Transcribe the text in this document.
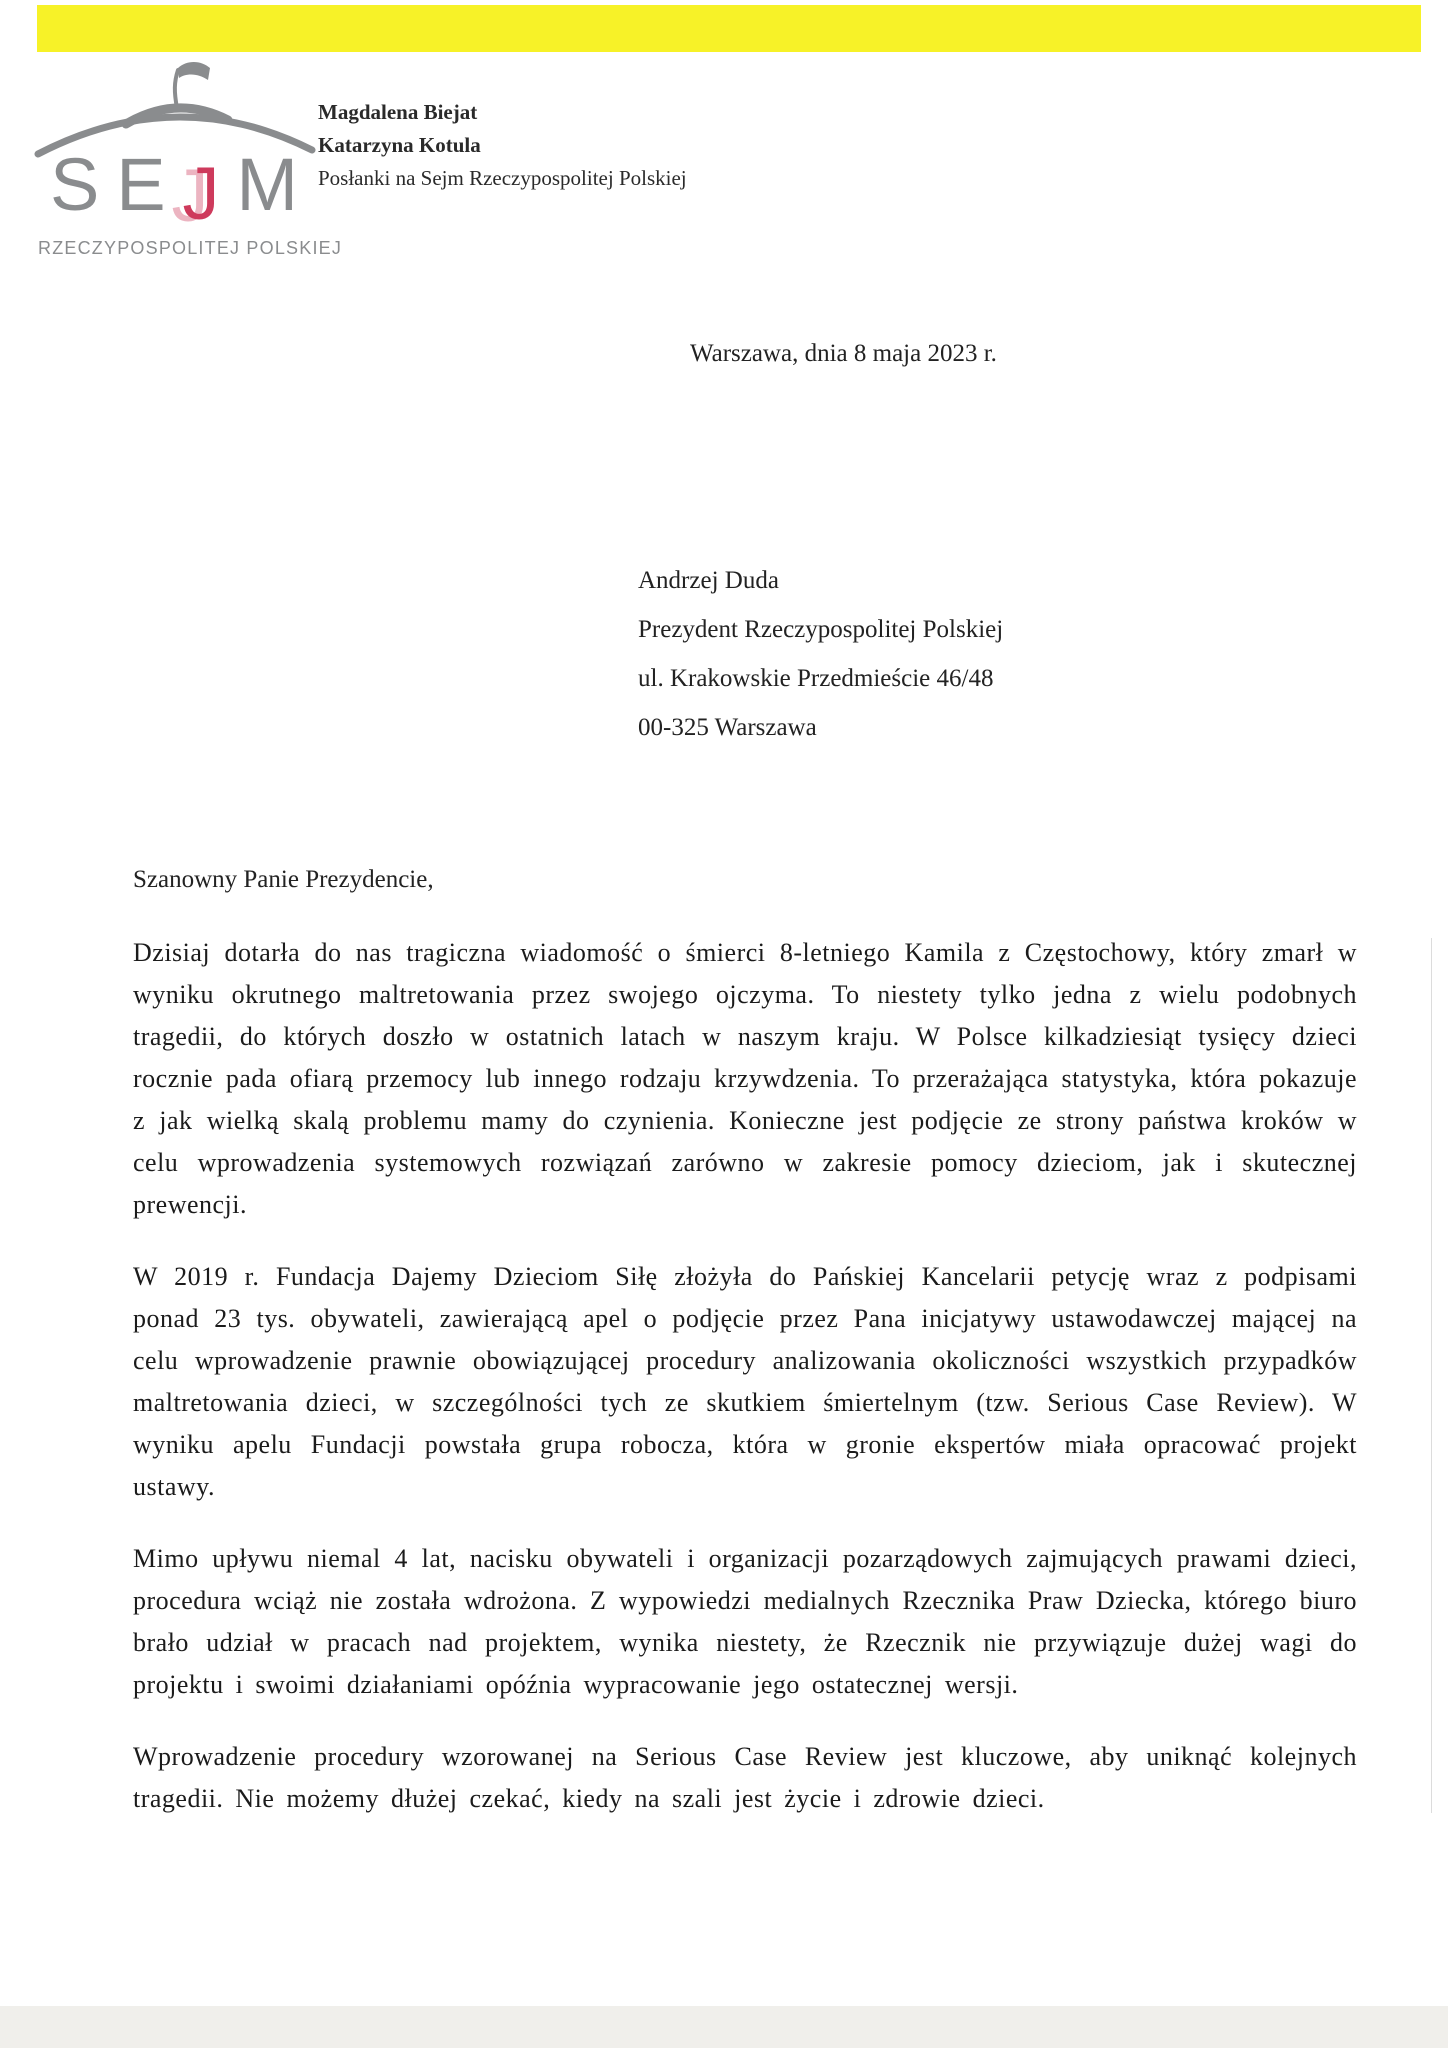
S E J M
RZECZYPOSPOLITEJ POLSKIEJ
Magdalena Biejat
Katarzyna Kotula
Posłanki na Sejm Rzeczypospolitej Polskiej
Warszawa, dnia 8 maja 2023 r.
Andrzej Duda
Prezydent Rzeczypospolitej Polskiej
ul. Krakowskie Przedmieście 46/48
00-325 Warszawa
Szanowny Panie Prezydencie,

Dzisiaj dotarła do nas tragiczna wiadomość o śmierci 8-letniego Kamila z Częstochowy, który zmarł w wyniku okrutnego maltretowania przez swojego ojczyma. To niestety tylko jedna z wielu podobnych tragedii, do których doszło w ostatnich latach w naszym kraju. W Polsce kilkadziesiąt tysięcy dzieci rocznie pada ofiarą przemocy lub innego rodzaju krzywdzenia. To przerażająca statystyka, która pokazuje z jak wielką skalą problemu mamy do czynienia. Konieczne jest podjęcie ze strony państwa kroków w celu wprowadzenia systemowych rozwiązań zarówno w zakresie pomocy dzieciom, jak i skutecznej prewencji.

W 2019 r. Fundacja Dajemy Dzieciom Siłę złożyła do Pańskiej Kancelarii petycję wraz z podpisami ponad 23 tys. obywateli, zawierającą apel o podjęcie przez Pana inicjatywy ustawodawczej mającej na celu wprowadzenie prawnie obowiązującej procedury analizowania okoliczności wszystkich przypadków maltretowania dzieci, w szczególności tych ze skutkiem śmiertelnym (tzw. Serious Case Review). W wyniku apelu Fundacji powstała grupa robocza, która w gronie ekspertów miała opracować projekt ustawy.

Mimo upływu niemal 4 lat, nacisku obywateli i organizacji pozarządowych zajmujących prawami dzieci, procedura wciąż nie została wdrożona. Z wypowiedzi medialnych Rzecznika Praw Dziecka, którego biuro brało udział w pracach nad projektem, wynika niestety, że Rzecznik nie przywiązuje dużej wagi do projektu i swoimi działaniami opóźnia wypracowanie jego ostatecznej wersji.

Wprowadzenie procedury wzorowanej na Serious Case Review jest kluczowe, aby uniknąć kolejnych tragedii. Nie możemy dłużej czekać, kiedy na szali jest życie i zdrowie dzieci.
